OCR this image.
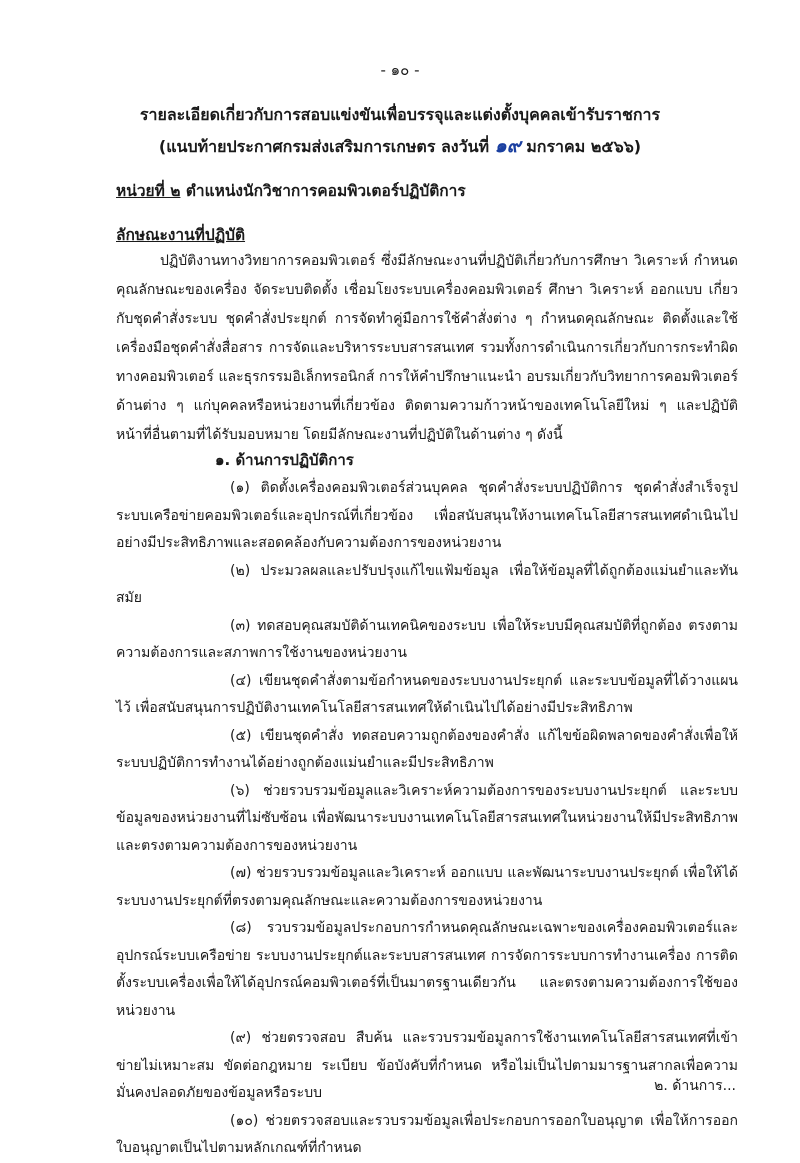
- ๑๐ -
รายละเอียดเกี่ยวกับการสอบแข่งขันเพื่อบรรจุและแต่งตั้งบุคคลเข้ารับราชการ
(แนบท้ายประกาศกรมส่งเสริมการเกษตร ลงวันที่ ๑๙ มกราคม ๒๕๖๖)
หน่วยที่ ๒ ตำแหน่งนักวิชาการคอมพิวเตอร์ปฏิบัติการ
ลักษณะงานที่ปฏิบัติ
ปฏิบัติงานทางวิทยาการคอมพิวเตอร์ ซึ่งมีลักษณะงานที่ปฏิบัติเกี่ยวกับการศึกษา วิเคราะห์ กำหนดคุณลักษณะของเครื่อง จัดระบบติดตั้ง เชื่อมโยงระบบเครื่องคอมพิวเตอร์ ศึกษา วิเคราะห์ ออกแบบ เกี่ยวกับชุดคำสั่งระบบ ชุดคำสั่งประยุกต์ การจัดทำคู่มือการใช้คำสั่งต่าง ๆ กำหนดคุณลักษณะ ติดตั้งและใช้เครื่องมือชุดคำสั่งสื่อสาร การจัดและบริหารระบบสารสนเทศ รวมทั้งการดำเนินการเกี่ยวกับการกระทำผิดทางคอมพิวเตอร์ และธุรกรรมอิเล็กทรอนิกส์ การให้คำปรึกษาแนะนำ อบรมเกี่ยวกับวิทยาการคอมพิวเตอร์ด้านต่าง ๆ แก่บุคคลหรือหน่วยงานที่เกี่ยวข้อง ติดตามความก้าวหน้าของเทคโนโลยีใหม่ ๆ และปฏิบัติหน้าที่อื่นตามที่ได้รับมอบหมาย โดยมีลักษณะงานที่ปฏิบัติในด้านต่าง ๆ ดังนี้
๑. ด้านการปฏิบัติการ

(๑) ติดตั้งเครื่องคอมพิวเตอร์ส่วนบุคคล ชุดคำสั่งระบบปฏิบัติการ ชุดคำสั่งสำเร็จรูป ระบบเครือข่ายคอมพิวเตอร์และอุปกรณ์ที่เกี่ยวข้อง เพื่อสนับสนุนให้งานเทคโนโลยีสารสนเทศดำเนินไปอย่างมีประสิทธิภาพและสอดคล้องกับความต้องการของหน่วยงาน

(๒) ประมวลผลและปรับปรุงแก้ไขแฟ้มข้อมูล เพื่อให้ข้อมูลที่ได้ถูกต้องแม่นยำและทันสมัย

(๓) ทดสอบคุณสมบัติด้านเทคนิคของระบบ เพื่อให้ระบบมีคุณสมบัติที่ถูกต้อง ตรงตามความต้องการและสภาพการใช้งานของหน่วยงาน

(๔) เขียนชุดคำสั่งตามข้อกำหนดของระบบงานประยุกต์ และระบบข้อมูลที่ได้วางแผนไว้ เพื่อสนับสนุนการปฏิบัติงานเทคโนโลยีสารสนเทศให้ดำเนินไปได้อย่างมีประสิทธิภาพ

(๕) เขียนชุดคำสั่ง ทดสอบความถูกต้องของคำสั่ง แก้ไขข้อผิดพลาดของคำสั่งเพื่อให้ระบบปฏิบัติการทำงานได้อย่างถูกต้องแม่นยำและมีประสิทธิภาพ

(๖) ช่วยรวบรวมข้อมูลและวิเคราะห์ความต้องการของระบบงานประยุกต์ และระบบข้อมูลของหน่วยงานที่ไม่ซับซ้อน เพื่อพัฒนาระบบงานเทคโนโลยีสารสนเทศในหน่วยงานให้มีประสิทธิภาพและตรงตามความต้องการของหน่วยงาน

(๗) ช่วยรวบรวมข้อมูลและวิเคราะห์ ออกแบบ และพัฒนาระบบงานประยุกต์ เพื่อให้ได้ระบบงานประยุกต์ที่ตรงตามคุณลักษณะและความต้องการของหน่วยงาน

(๘) รวบรวมข้อมูลประกอบการกำหนดคุณลักษณะเฉพาะของเครื่องคอมพิวเตอร์และอุปกรณ์ระบบเครือข่าย ระบบงานประยุกต์และระบบสารสนเทศ การจัดการระบบการทำงานเครื่อง การติดตั้งระบบเครื่องเพื่อให้ได้อุปกรณ์คอมพิวเตอร์ที่เป็นมาตรฐานเดียวกัน และตรงตามความต้องการใช้ของหน่วยงาน

(๙) ช่วยตรวจสอบ สืบค้น และรวบรวมข้อมูลการใช้งานเทคโนโลยีสารสนเทศที่เข้าข่ายไม่เหมาะสม ขัดต่อกฎหมาย ระเบียบ ข้อบังคับที่กำหนด หรือไม่เป็นไปตามมารฐานสากลเพื่อความมั่นคงปลอดภัยของข้อมูลหรือระบบ

(๑๐) ช่วยตรวจสอบและรวบรวมข้อมูลเพื่อประกอบการออกใบอนุญาต เพื่อให้การออกใบอนุญาตเป็นไปตามหลักเกณฑ์ที่กำหนด

๒. ด้านการ...
